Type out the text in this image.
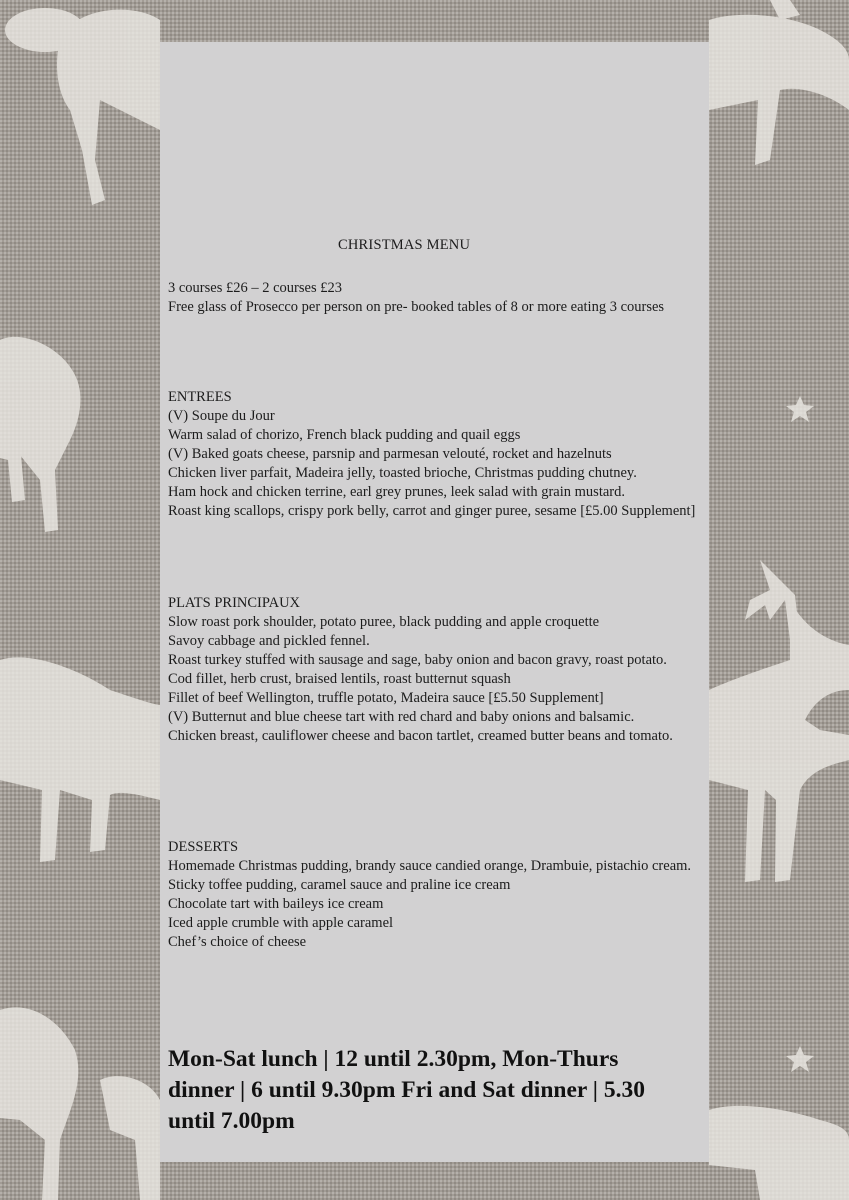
CHRISTMAS MENU
3 courses £26 – 2 courses £23
Free glass of Prosecco per person on pre- booked tables of 8 or more eating 3 courses
ENTREES
(V) Soupe du Jour
Warm salad of chorizo, French black pudding and quail eggs
(V) Baked goats cheese, parsnip and parmesan velouté, rocket and hazelnuts
Chicken liver parfait, Madeira jelly, toasted brioche, Christmas pudding chutney.
Ham hock and chicken terrine, earl grey prunes, leek salad with grain mustard.
Roast king scallops, crispy pork belly, carrot and ginger puree, sesame [£5.00 Supplement]
PLATS PRINCIPAUX
Slow roast pork shoulder, potato puree, black pudding and apple croquette
Savoy cabbage and pickled fennel.
Roast turkey stuffed with sausage and sage, baby onion and bacon gravy, roast potato.
Cod fillet, herb crust, braised lentils, roast butternut squash
Fillet of beef Wellington, truffle potato, Madeira sauce [£5.50 Supplement]
(V) Butternut and blue cheese tart with red chard and baby onions and balsamic.
Chicken breast, cauliflower cheese and bacon tartlet, creamed butter beans and tomato.
DESSERTS
Homemade Christmas pudding, brandy sauce candied orange, Drambuie, pistachio cream.
Sticky toffee pudding, caramel sauce and praline ice cream
Chocolate tart with baileys ice cream
Iced apple crumble with apple caramel
Chef’s choice of cheese

Mon-Sat lunch | 12 until 2.30pm, Mon-Thurs dinner | 6 until 9.30pm Fri and Sat dinner | 5.30 until 7.00pm
